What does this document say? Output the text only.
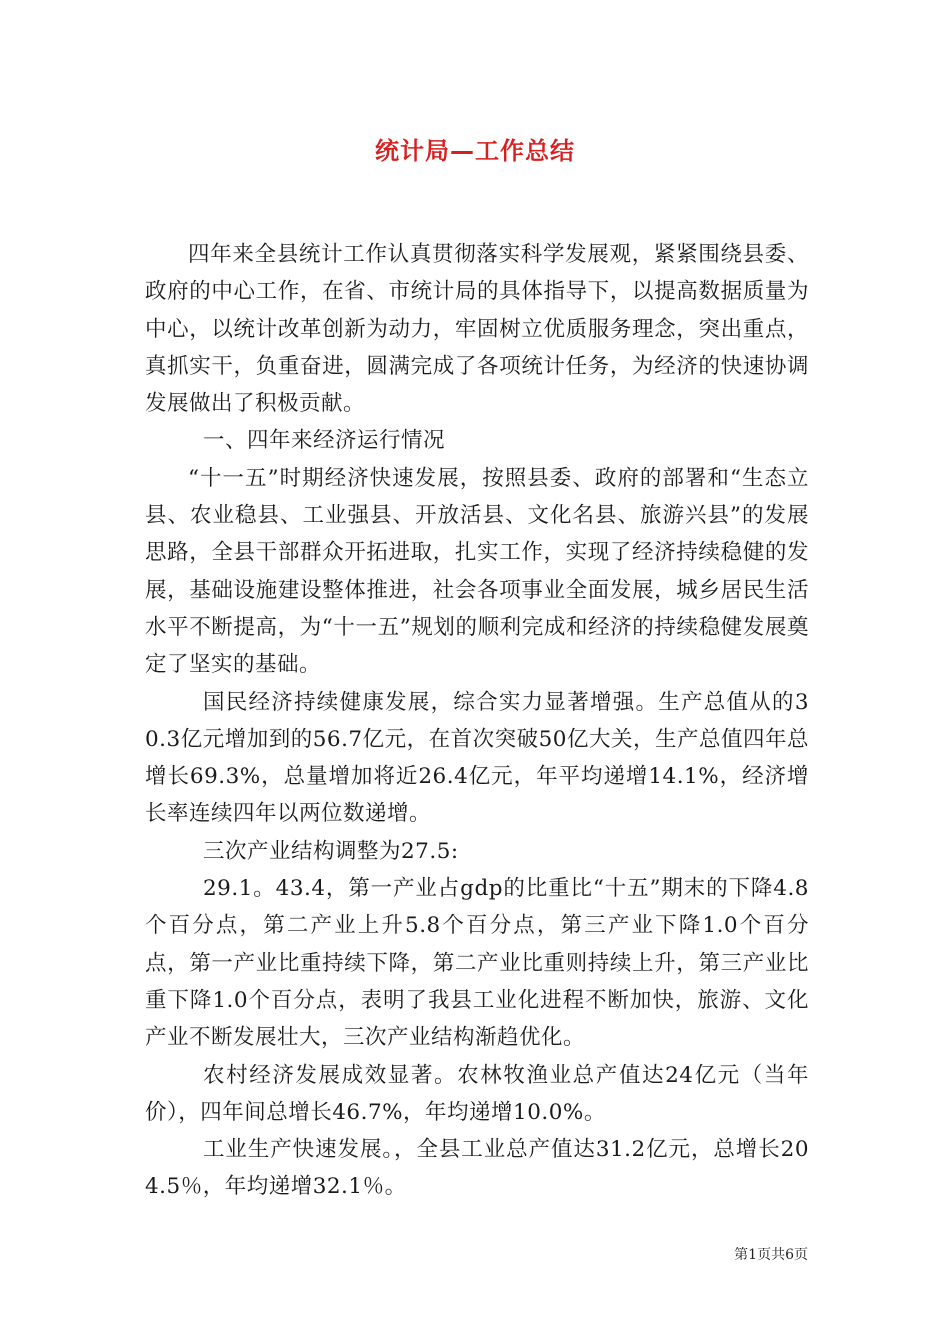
统计局—工作总结

四年来全县统计工作认真贯彻落实科学发展观，紧紧围绕县委、政府的中心工作，在省、市统计局的具体指导下，以提高数据质量为中心，以统计改革创新为动力，牢固树立优质服务理念，突出重点，真抓实干，负重奋进，圆满完成了各项统计任务，为经济的快速协调发展做出了积极贡献。

一、四年来经济运行情况

“十一五”时期经济快速发展，按照县委、政府的部署和“生态立县、农业稳县、工业强县、开放活县、文化名县、旅游兴县”的发展思路，全县干部群众开拓进取，扎实工作，实现了经济持续稳健的发展，基础设施建设整体推进，社会各项事业全面发展，城乡居民生活水平不断提高，为“十一五”规划的顺利完成和经济的持续稳健发展奠定了坚实的基础。

国民经济持续健康发展，综合实力显著增强。生产总值从的30.3亿元增加到的56.7亿元，在首次突破50亿大关，生产总值四年总增长69.3%，总量增加将近26.4亿元，年平均递增14.1%，经济增长率连续四年以两位数递增。

三次产业结构调整为27.5:

29.1。43.4，第一产业占gdp的比重比“十五”期末的下降4.8个百分点，第二产业上升5.8个百分点，第三产业下降1.0个百分点，第一产业比重持续下降，第二产业比重则持续上升，第三产业比重下降1.0个百分点，表明了我县工业化进程不断加快，旅游、文化产业不断发展壮大，三次产业结构渐趋优化。

农村经济发展成效显著。农林牧渔业总产值达24亿元（当年价），四年间总增长46.7%，年均递增10.0%。

工业生产快速发展。，全县工业总产值达31.2亿元，总增长204.5％，年均递增32.1％。

第1页共6页
